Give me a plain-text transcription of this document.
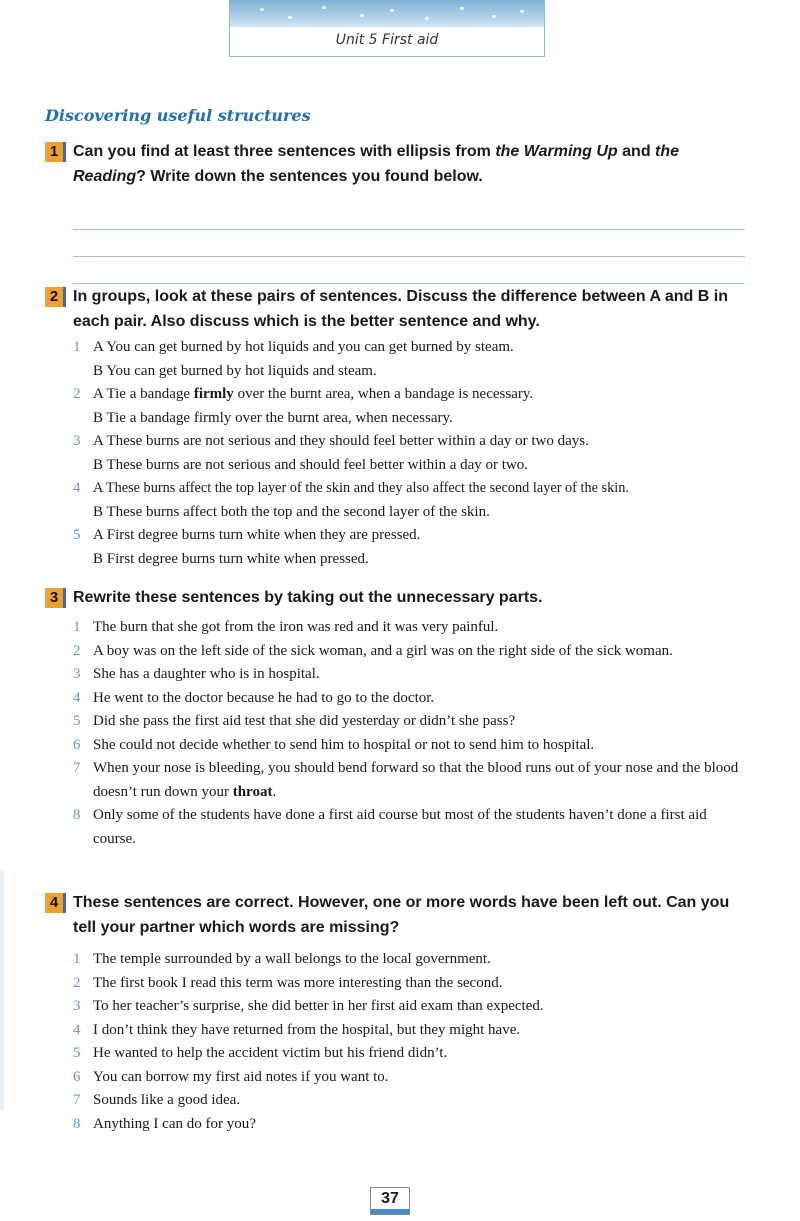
Unit 5 First aid
Discovering useful structures
1 Can you find at least three sentences with ellipsis from the Warming Up and the Reading? Write down the sentences you found below.
2 In groups, look at these pairs of sentences. Discuss the difference between A and B in each pair. Also discuss which is the better sentence and why.
1 A You can get burned by hot liquids and you can get burned by steam.
B You can get burned by hot liquids and steam.
2 A Tie a bandage firmly over the burnt area, when a bandage is necessary.
B Tie a bandage firmly over the burnt area, when necessary.
3 A These burns are not serious and they should feel better within a day or two days.
B These burns are not serious and should feel better within a day or two.
4 A These burns affect the top layer of the skin and they also affect the second layer of the skin.
B These burns affect both the top and the second layer of the skin.
5 A First degree burns turn white when they are pressed.
B First degree burns turn white when pressed.
3 Rewrite these sentences by taking out the unnecessary parts.
1 The burn that she got from the iron was red and it was very painful.
2 A boy was on the left side of the sick woman, and a girl was on the right side of the sick woman.
3 She has a daughter who is in hospital.
4 He went to the doctor because he had to go to the doctor.
5 Did she pass the first aid test that she did yesterday or didn’t she pass?
6 She could not decide whether to send him to hospital or not to send him to hospital.
7 When your nose is bleeding, you should bend forward so that the blood runs out of your nose and the blood doesn’t run down your throat.
8 Only some of the students have done a first aid course but most of the students haven’t done a first aid course.
4 These sentences are correct. However, one or more words have been left out. Can you tell your partner which words are missing?
1 The temple surrounded by a wall belongs to the local government.
2 The first book I read this term was more interesting than the second.
3 To her teacher’s surprise, she did better in her first aid exam than expected.
4 I don’t think they have returned from the hospital, but they might have.
5 He wanted to help the accident victim but his friend didn’t.
6 You can borrow my first aid notes if you want to.
7 Sounds like a good idea.
8 Anything I can do for you?
37
